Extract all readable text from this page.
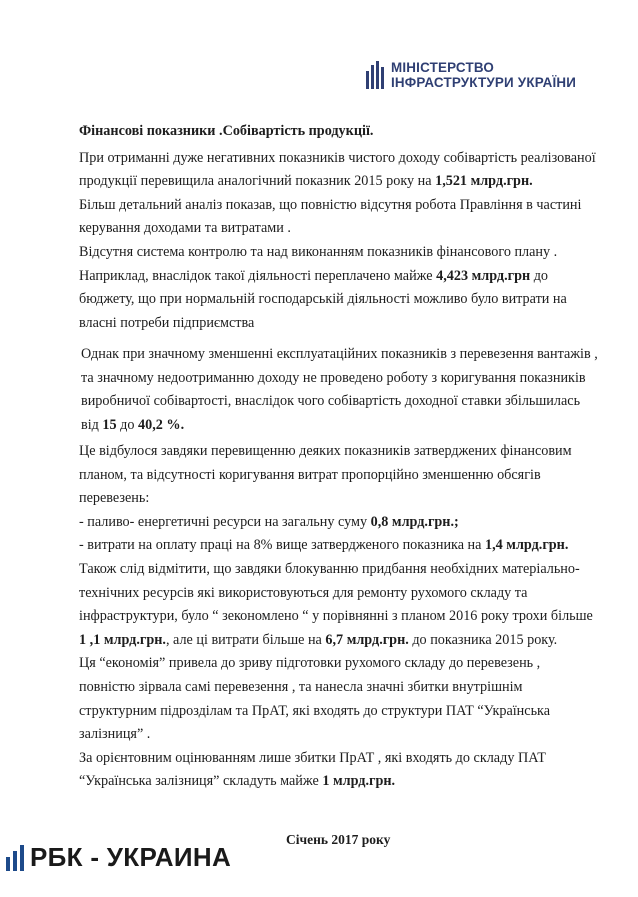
МІНІСТЕРСТВО
ІНФРАСТРУКТУРИ УКРАЇНИ
Фінансові показники .Собівартість продукції.
При отриманні дуже негативних показників чистого доходу собівартість реалізованої
продукції перевищила аналогічний показник 2015 року на 1,521 млрд.грн.
Більш детальний аналіз показав, що повністю відсутня робота Правління в частині
керування доходами та витратами .
Відсутня система контролю та над виконанням показників фінансового плану .
Наприклад, внаслідок такої діяльності переплачено майже 4,423 млрд.грн до
бюджету, що при нормальній господарській діяльності можливо було витрати на
власні потреби підприємства
Однак при значному зменшенні експлуатаційних показників з перевезення вантажів ,
та значному недоотриманню доходу не проведено роботу з коригування показників
виробничої собівартості, внаслідок чого собівартість доходної ставки збільшилась
від 15 до 40,2 %.
Це відбулося завдяки перевищенню деяких показників затверджених фінансовим
планом, та відсутності коригування витрат пропорційно зменшенню обсягів
перевезень:
- паливо- енергетичні ресурси на загальну суму 0,8 млрд.грн.;
- витрати на оплату праці на 8% вище затвердженого показника на 1,4 млрд.грн.
Також слід відмітити, що завдяки блокуванню придбання необхідних матеріально-
технічних ресурсів які використовуються для ремонту рухомого складу та
інфраструктури, було “ зекономлено “ у порівнянні з планом 2016 року трохи більше
1 ,1 млрд.грн., але ці витрати більше на 6,7 млрд.грн. до показника 2015 року.
Ця “економія” привела до зриву підготовки рухомого складу до перевезень ,
повністю зірвала самі перевезення , та нанесла значні збитки внутрішнім
структурним підрозділам та ПрАТ, які входять до структури ПАТ “Українська
залізниця” .
За орієнтовним оцінюванням лише збитки ПрАТ , які входять до складу ПАТ
“Українська залізниця” складуть майже 1 млрд.грн.
Січень 2017 року
РБК - УКРАИНА
